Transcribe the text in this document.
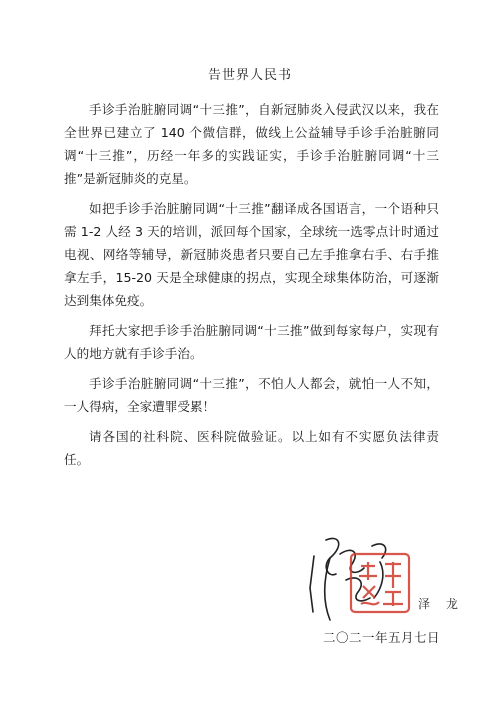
告世界人民书

手诊手治脏腑同调“十三推”，自新冠肺炎入侵武汉以来，我在全世界已建立了 140 个微信群，做线上公益辅导手诊手治脏腑同调“十三推”，历经一年多的实践证实，手诊手治脏腑同调“十三推”是新冠肺炎的克星。

如把手诊手治脏腑同调“十三推”翻译成各国语言，一个语种只需 1-2 人经 3 天的培训，派回每个国家，全球统一选零点计时通过电视、网络等辅导，新冠肺炎患者只要自己左手推拿右手、右手推拿左手，15-20 天是全球健康的拐点，实现全球集体防治，可逐渐达到集体免疫。

拜托大家把手诊手治脏腑同调“十三推”做到每家每户，实现有人的地方就有手诊手治。

手诊手治脏腑同调“十三推”，不怕人人都会，就怕一人不知，一人得病，全家遭罪受累！

请各国的社科院、医科院做验证。以上如有不实愿负法律责任。

泽 龙
二〇二一年五月七日
